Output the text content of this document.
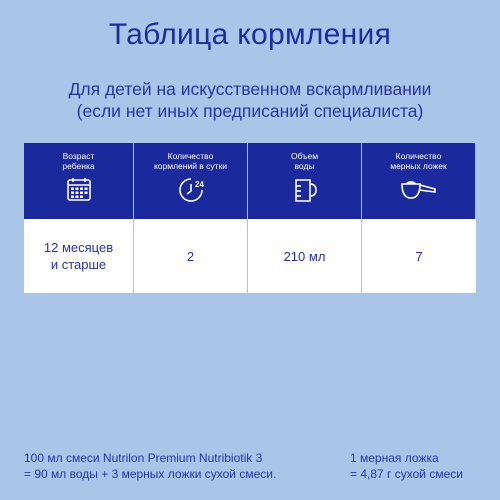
Таблица кормления
Для детей на искусственном вскармливании
(если нет иных предписаний специалиста)
Возраст
ребенка
Количество
кормлений в сутки
24
Объем
воды
Количество
мерных ложек
12 месяцев
и старше
2	210 мл	7
100 мл смеси Nutrilon Premium Nutribiotik 3
= 90 мл воды + 3 мерных ложки сухой смеси.
1 мерная ложка
= 4,87 г сухой смеси
